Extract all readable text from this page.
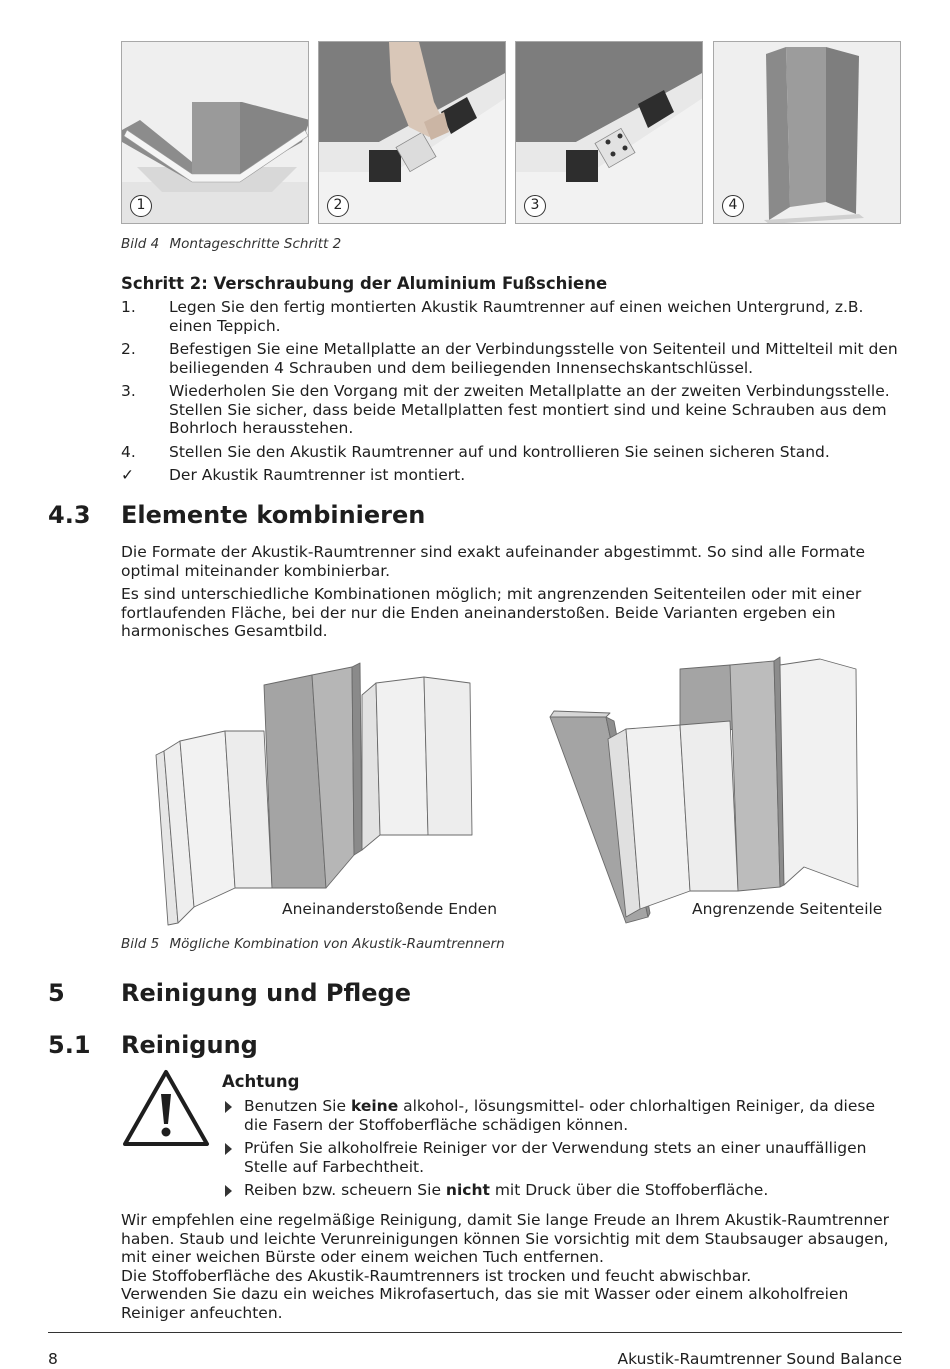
1	2	3	4
Bild 4 Montageschritte Schritt 2
Schritt 2: Verschraubung der Aluminium Fußschiene
1. Legen Sie den fertig montierten Akustik Raumtrenner auf einen weichen Untergrund, z.B. einen Teppich.
2. Befestigen Sie eine Metallplatte an der Verbindungsstelle von Seitenteil und Mittelteil mit den beiliegenden 4 Schrauben und dem beiliegenden Innensechskantschlüssel.
3. Wiederholen Sie den Vorgang mit der zweiten Metallplatte an der zweiten Verbindungsstelle. Stellen Sie sicher, dass beide Metallplatten fest montiert sind und keine Schrauben aus dem Bohrloch herausstehen.
4. Stellen Sie den Akustik Raumtrenner auf und kontrollieren Sie seinen sicheren Stand.
✓ Der Akustik Raumtrenner ist montiert.
4.3 Elemente kombinieren
Die Formate der Akustik-Raumtrenner sind exakt aufeinander abgestimmt. So sind alle Formate optimal miteinander kombinierbar.
Es sind unterschiedliche Kombinationen möglich; mit angrenzenden Seitenteilen oder mit einer fortlaufenden Fläche, bei der nur die Enden aneinanderstoßen. Beide Varianten ergeben ein harmonisches Gesamtbild.
Aneinanderstoßende Enden	Angrenzende Seitenteile
Bild 5 Mögliche Kombination von Akustik-Raumtrennern
5 Reinigung und Pflege
5.1 Reinigung
Achtung
Benutzen Sie keine alkohol-, lösungsmittel- oder chlorhaltigen Reiniger, da diese die Fasern der Stoffoberfläche schädigen können.
Prüfen Sie alkoholfreie Reiniger vor der Verwendung stets an einer unauffälligen Stelle auf Farbechtheit.
Reiben bzw. scheuern Sie nicht mit Druck über die Stoffoberfläche.
Wir empfehlen eine regelmäßige Reinigung, damit Sie lange Freude an Ihrem Akustik-Raumtrenner haben. Staub und leichte Verunreinigungen können Sie vorsichtig mit dem Staubsauger absaugen, mit einer weichen Bürste oder einem weichen Tuch entfernen.
Die Stoffoberfläche des Akustik-Raumtrenners ist trocken und feucht abwischbar.
Verwenden Sie dazu ein weiches Mikrofasertuch, das sie mit Wasser oder einem alkoholfreien Reiniger anfeuchten.
8	Akustik-Raumtrenner Sound Balance
